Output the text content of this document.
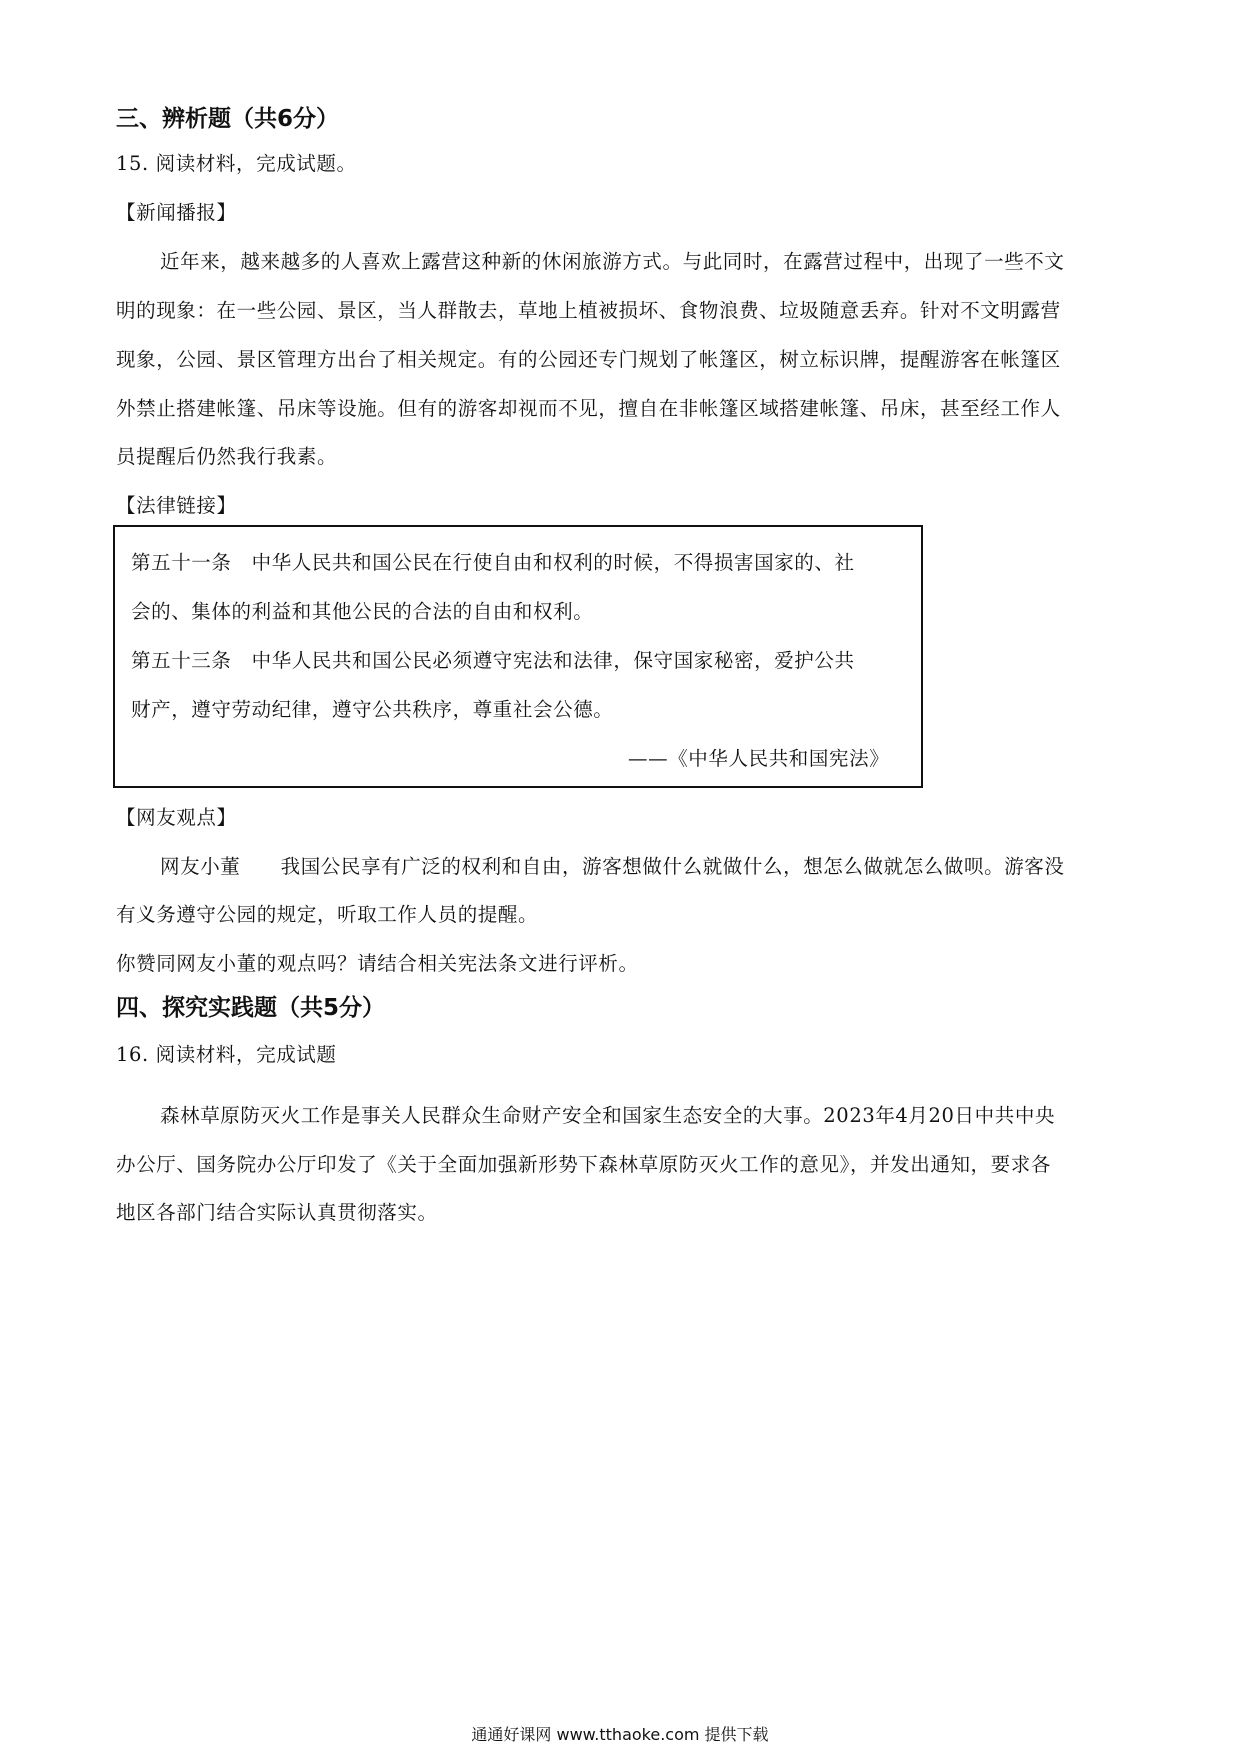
三、辨析题（共6分）
15. 阅读材料，完成试题。
【新闻播报】
近年来，越来越多的人喜欢上露营这种新的休闲旅游方式。与此同时，在露营过程中，出现了一些不文
明的现象：在一些公园、景区，当人群散去，草地上植被损坏、食物浪费、垃圾随意丢弃。针对不文明露营
现象，公园、景区管理方出台了相关规定。有的公园还专门规划了帐篷区，树立标识牌，提醒游客在帐篷区
外禁止搭建帐篷、吊床等设施。但有的游客却视而不见，擅自在非帐篷区域搭建帐篷、吊床，甚至经工作人
员提醒后仍然我行我素。
【法律链接】
第五十一条　中华人民共和国公民在行使自由和权利的时候，不得损害国家的、社
会的、集体的利益和其他公民的合法的自由和权利。
第五十三条　中华人民共和国公民必须遵守宪法和法律，保守国家秘密，爱护公共
财产，遵守劳动纪律，遵守公共秩序，尊重社会公德。
——《中华人民共和国宪法》
【网友观点】
网友小董　　我国公民享有广泛的权利和自由，游客想做什么就做什么，想怎么做就怎么做呗。游客没
有义务遵守公园的规定，听取工作人员的提醒。
你赞同网友小董的观点吗？请结合相关宪法条文进行评析。
四、探究实践题（共5分）
16. 阅读材料，完成试题
森林草原防灭火工作是事关人民群众生命财产安全和国家生态安全的大事。2023年4月20日中共中央
办公厅、国务院办公厅印发了《关于全面加强新形势下森林草原防灭火工作的意见》，并发出通知，要求各
地区各部门结合实际认真贯彻落实。
通通好课网 www.tthaoke.com 提供下载
